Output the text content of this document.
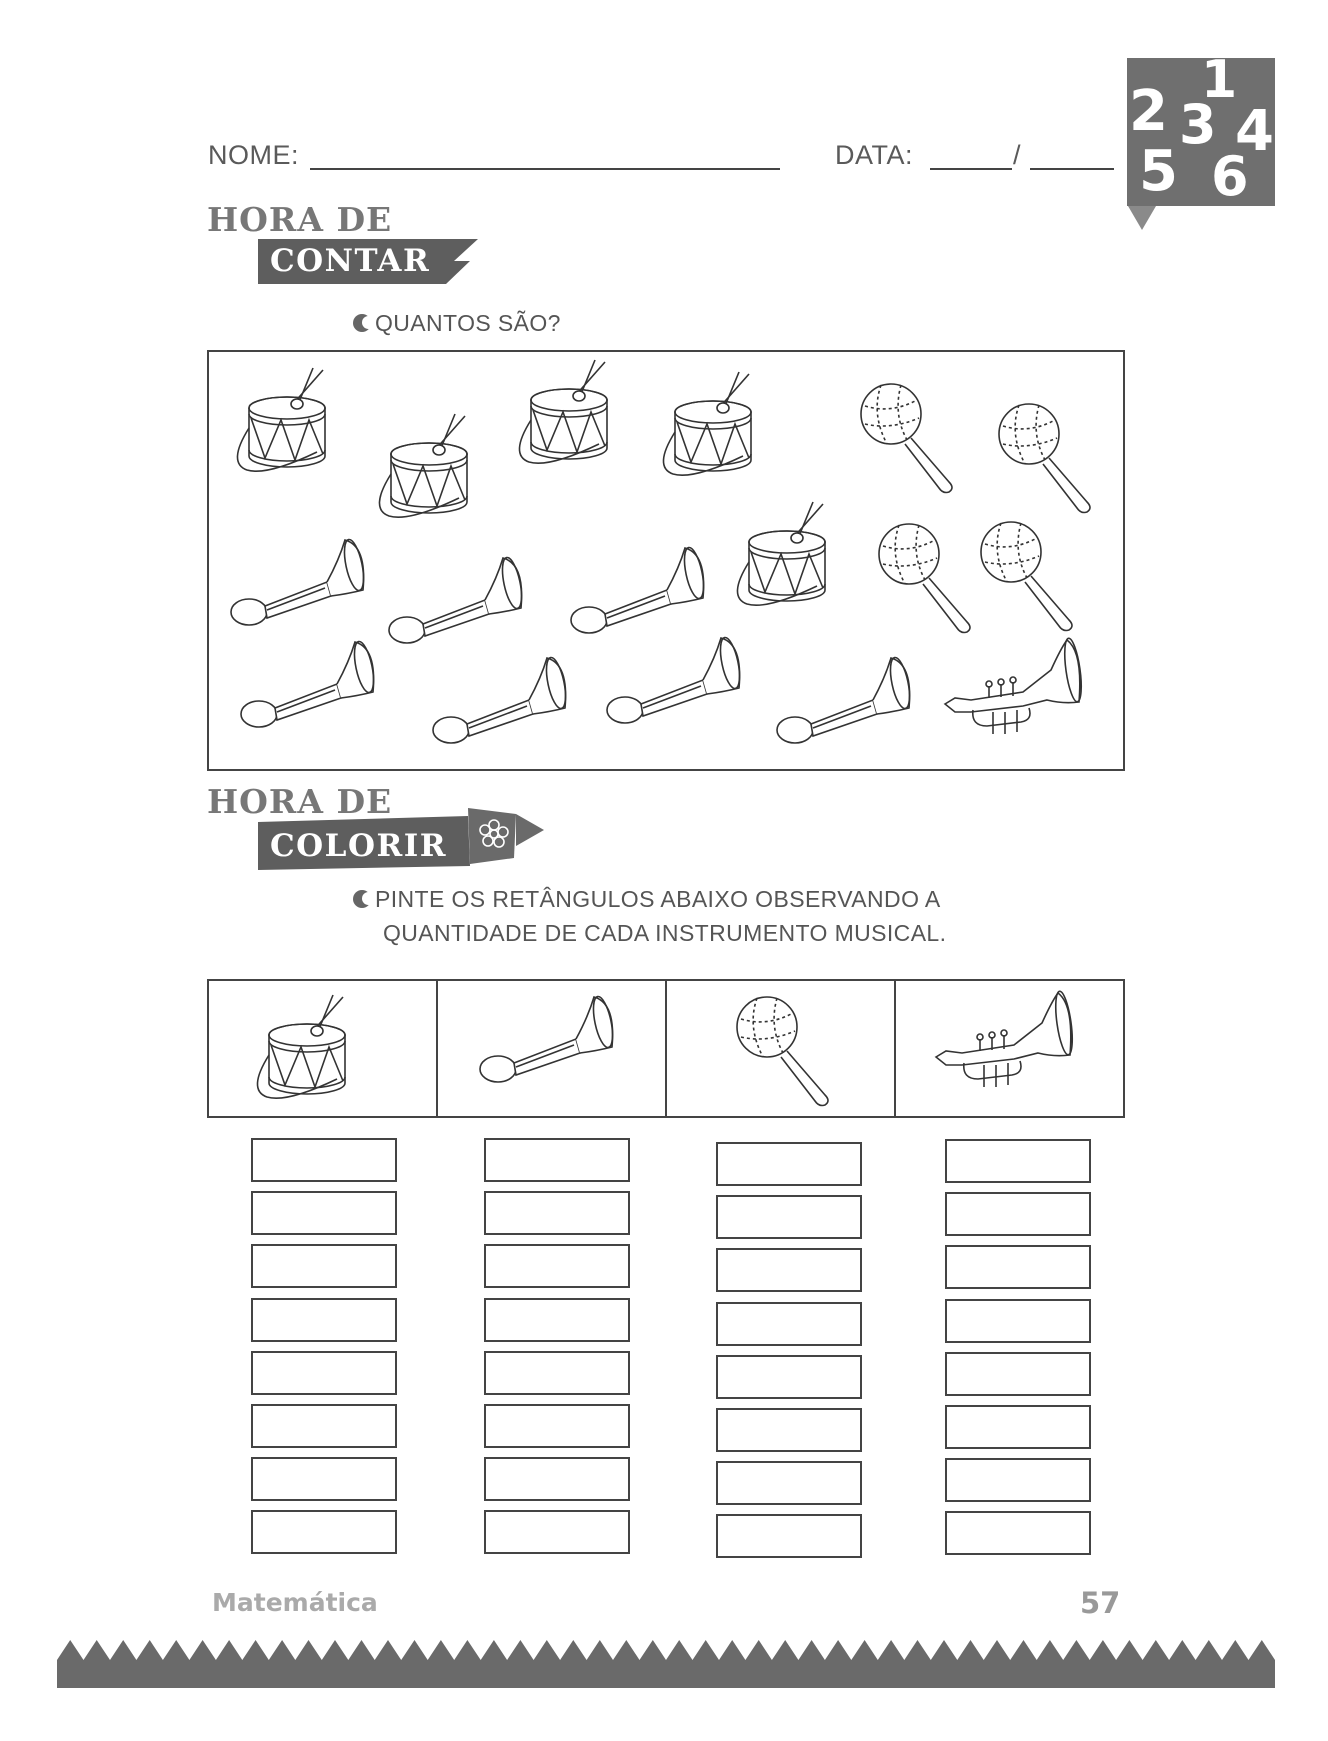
NOME:	DATA:	/
1
2 3 4
5 6
HORA DE
CONTAR
QUANTOS SÃO?
HORA DE
COLORIR
PINTE OS RETÂNGULOS ABAIXO OBSERVANDO A
QUANTIDADE DE CADA INSTRUMENTO MUSICAL.
Matemática	57
